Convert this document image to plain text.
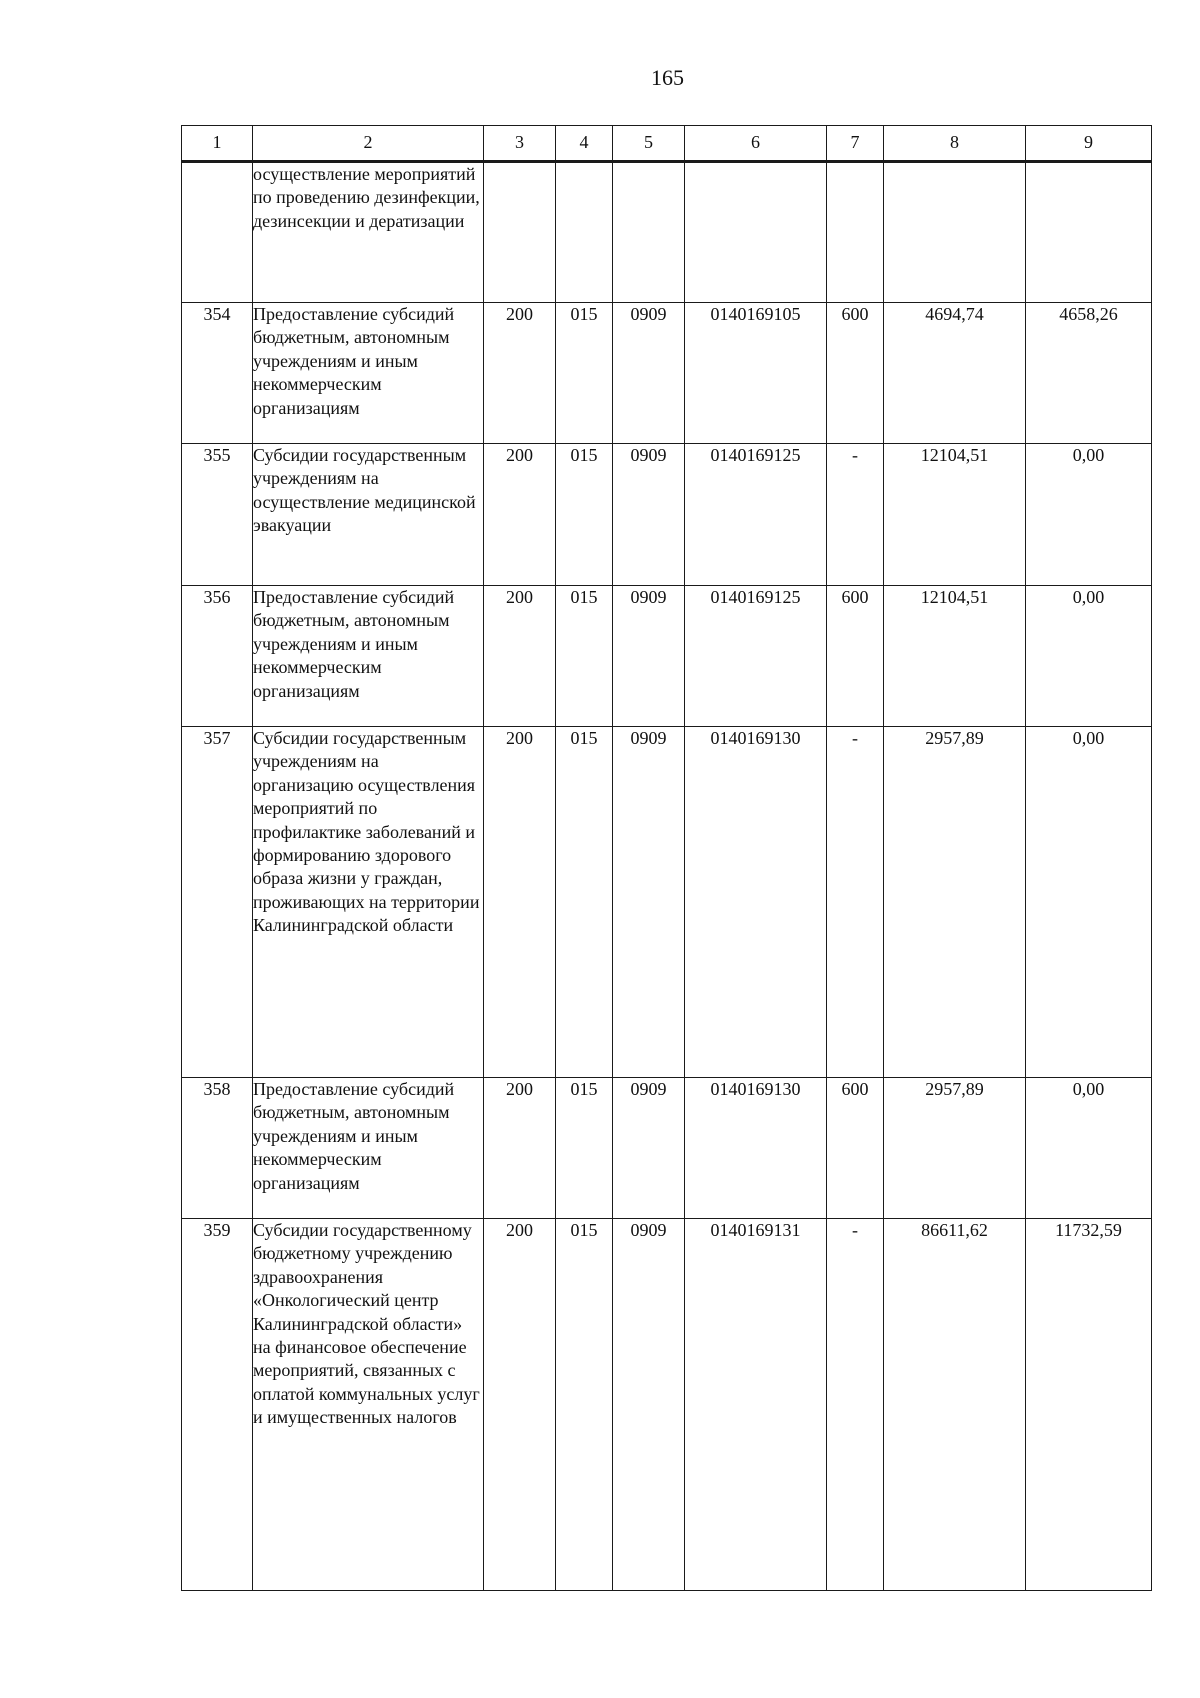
165
1	2	3	4	5	6	7	8	9
	осуществление мероприятий по проведению дезинфекции, дезинсекции и дератизации							
354	Предоставление субсидий бюджетным, автономным учреждениям и иным некоммерческим организациям	200	015	0909	0140169105	600	4694,74	4658,26
355	Субсидии государственным учреждениям на осуществление медицинской эвакуации	200	015	0909	0140169125	-	12104,51	0,00
356	Предоставление субсидий бюджетным, автономным учреждениям и иным некоммерческим организациям	200	015	0909	0140169125	600	12104,51	0,00
357	Субсидии государственным учреждениям на организацию осуществления мероприятий по профилактике заболеваний и формированию здорового образа жизни у граждан, проживающих на территории Калининградской области	200	015	0909	0140169130	-	2957,89	0,00
358	Предоставление субсидий бюджетным, автономным учреждениям и иным некоммерческим организациям	200	015	0909	0140169130	600	2957,89	0,00
359	Субсидии государственному бюджетному учреждению здравоохранения «Онкологический центр Калининградской области» на финансовое обеспечение мероприятий, связанных с оплатой коммунальных услуг и имущественных налогов	200	015	0909	0140169131	-	86611,62	11732,59
